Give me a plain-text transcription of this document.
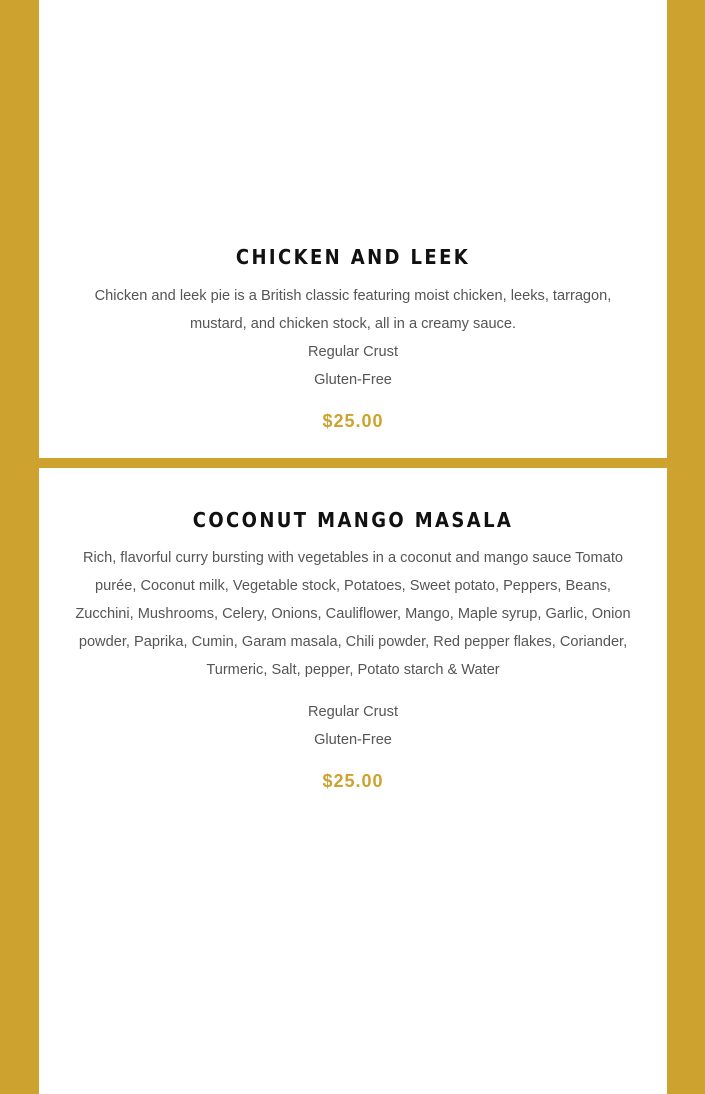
CHICKEN AND LEEK

Chicken and leek pie is a British classic featuring moist chicken, leeks, tarragon, mustard, and chicken stock, all in a creamy sauce.

Regular Crust

Gluten-Free

$25.00

COCONUT MANGO MASALA

Rich, flavorful curry bursting with vegetables in a coconut and mango sauce Tomato purée, Coconut milk, Vegetable stock, Potatoes, Sweet potato, Peppers, Beans, Zucchini, Mushrooms, Celery, Onions, Cauliflower, Mango, Maple syrup, Garlic, Onion powder, Paprika, Cumin, Garam masala, Chili powder, Red pepper flakes, Coriander, Turmeric, Salt, pepper, Potato starch & Water

Regular Crust

Gluten-Free

$25.00
